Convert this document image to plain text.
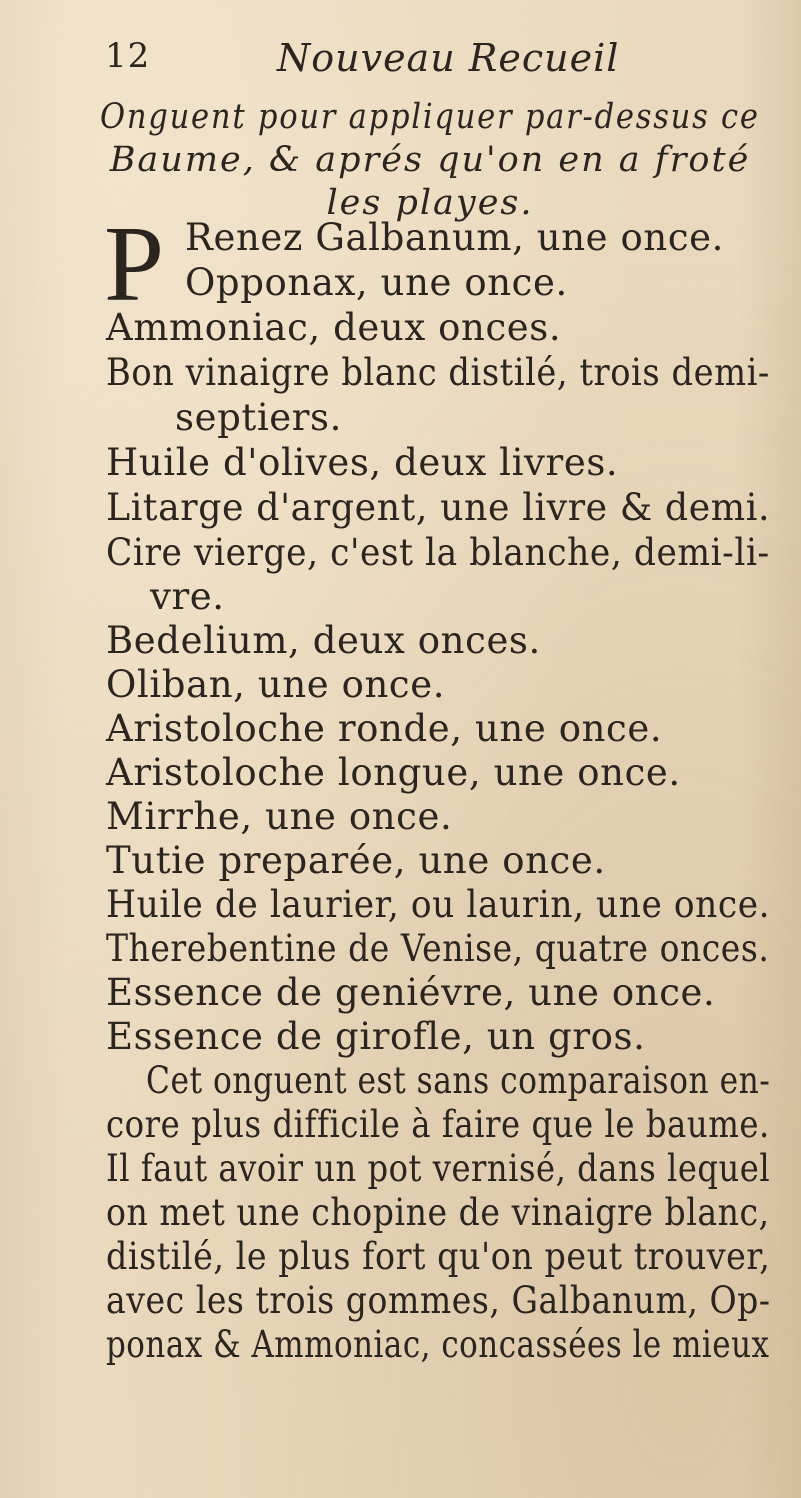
12	Nouveau Recueil
Onguent pour appliquer par-dessus ce
Baume, & aprés qu'on en a froté
les playes.
P Renez Galbanum, une once.
Opponax, une once.
Ammoniac, deux onces.
Bon vinaigre blanc distilé, trois demi-
septiers.
Huile d'olives, deux livres.
Litarge d'argent, une livre & demi.
Cire vierge, c'est la blanche, demi-li-
vre.
Bedelium, deux onces.
Oliban, une once.
Aristoloche ronde, une once.
Aristoloche longue, une once.
Mirrhe, une once.
Tutie preparée, une once.
Huile de laurier, ou laurin, une once.
Therebentine de Venise, quatre onces.
Essence de geniévre, une once.
Essence de girofle, un gros.
Cet onguent est sans comparaison en-
core plus difficile à faire que le baume.
Il faut avoir un pot vernisé, dans lequel
on met une chopine de vinaigre blanc,
distilé, le plus fort qu'on peut trouver,
avec les trois gommes, Galbanum, Op-
ponax & Ammoniac, concassées le mieux
